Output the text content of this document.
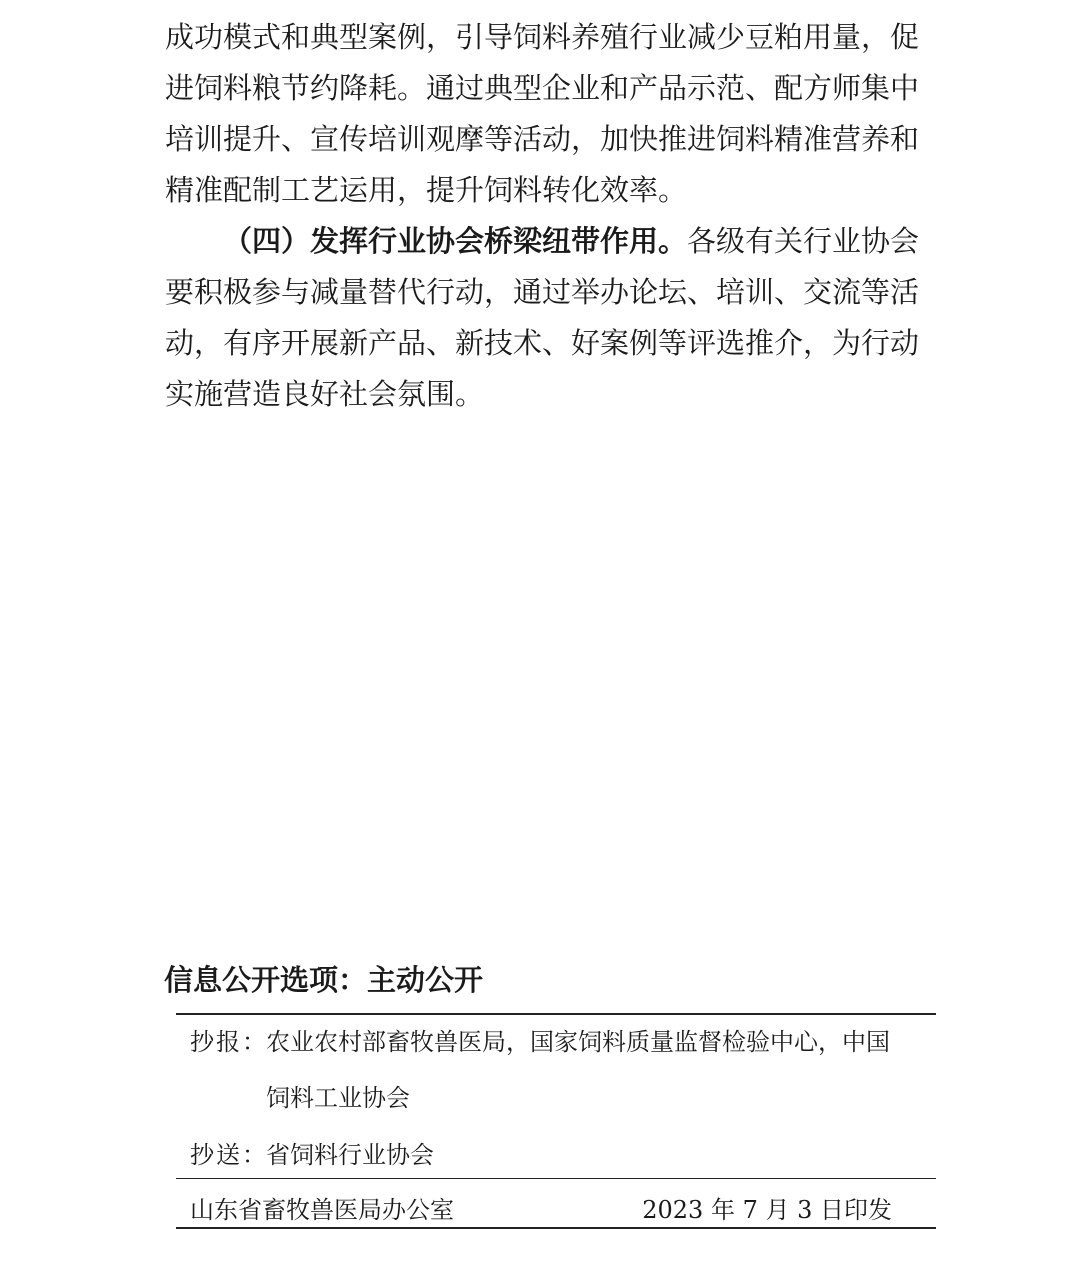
成功模式和典型案例，引导饲料养殖行业减少豆粕用量，促
进饲料粮节约降耗。通过典型企业和产品示范、配方师集中
培训提升、宣传培训观摩等活动，加快推进饲料精准营养和
精准配制工艺运用，提升饲料转化效率。
（四）发挥行业协会桥梁纽带作用。各级有关行业协会
要积极参与减量替代行动，通过举办论坛、培训、交流等活
动，有序开展新产品、新技术、好案例等评选推介，为行动
实施营造良好社会氛围。
信息公开选项：主动公开
抄报：农业农村部畜牧兽医局，国家饲料质量监督检验中心，中国
饲料工业协会
抄送：省饲料行业协会
山东省畜牧兽医局办公室	2023 年 7 月 3 日印发
